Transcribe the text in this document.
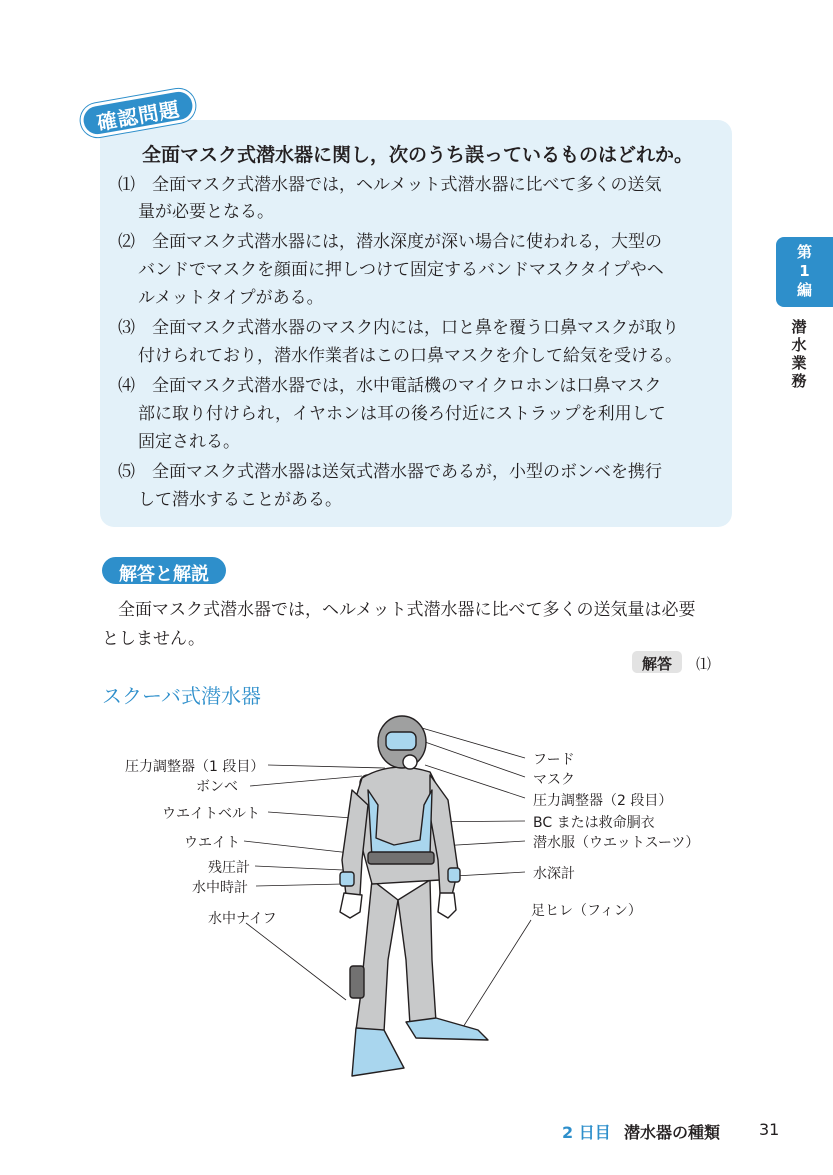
確認問題
全面マスク式潜水器に関し，次のうち誤っているものはどれか。
⑴　全面マスク式潜水器では，ヘルメット式潜水器に比べて多くの送気
量が必要となる。
⑵　全面マスク式潜水器には，潜水深度が深い場合に使われる，大型の
バンドでマスクを顔面に押しつけて固定するバンドマスクタイプやヘ
ルメットタイプがある。
⑶　全面マスク式潜水器のマスク内には，口と鼻を覆う口鼻マスクが取り
付けられており，潜水作業者はこの口鼻マスクを介して給気を受ける。
⑷　全面マスク式潜水器では，水中電話機のマイクロホンは口鼻マスク
部に取り付けられ，イヤホンは耳の後ろ付近にストラップを利用して
固定される。
⑸　全面マスク式潜水器は送気式潜水器であるが，小型のボンベを携行
して潜水することがある。
第
1
編
潜
水
業
務
解答と解説
全面マスク式潜水器では，ヘルメット式潜水器に比べて多くの送気量は必要
としません。
解答	⑴
スクーバ式潜水器
圧力調整器（1 段目）
ボンベ
ウエイトベルト
ウエイト
残圧計
水中時計
水中ナイフ
フード
マスク
圧力調整器（2 段目）
BC または救命胴衣
潜水服（ウエットスーツ）
水深計
足ヒレ（フィン）
2 日目 潜水器の種類 31
